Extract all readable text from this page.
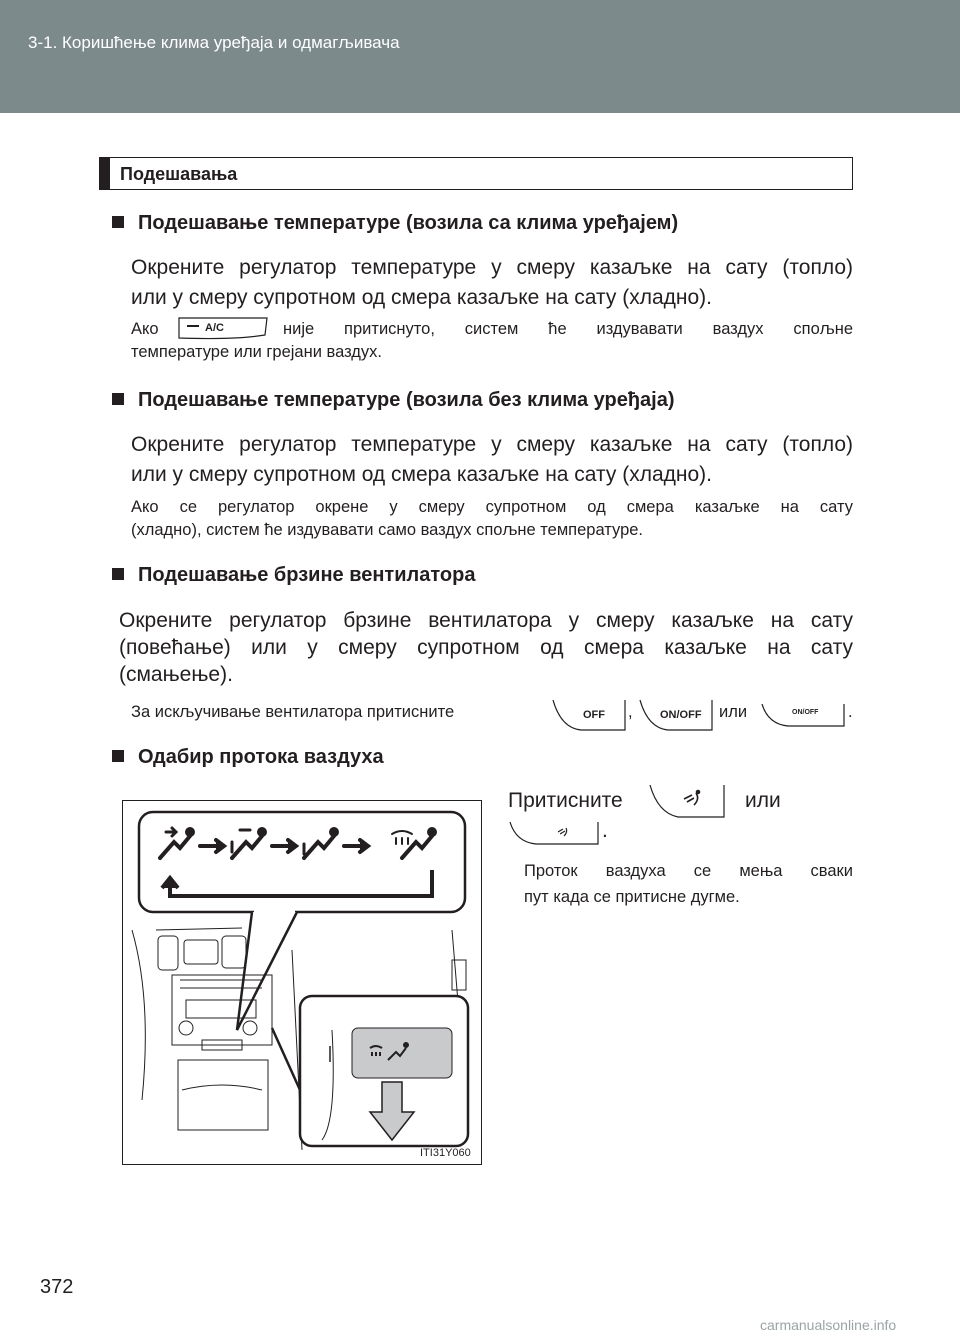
3-1. Коришћење клима уређаја и одмагљивача
Подешавања
Подешавање температуре (возила са клима уређајем)
Окрените регулатор температуре у смеру казаљке на сату (топло)
или у смеру супротном од смера казаљке на сату (хладно).
Ако	A/C	није притиснуто, систем ће издувавати ваздух спољне
температуре или грејани ваздух.
Подешавање температуре (возила без клима уређаја)
Окрените регулатор температуре у смеру казаљке на сату (топло)
или у смеру супротном од смера казаљке на сату (хладно).
Ако се регулатор окрене у смеру супротном од смера казаљке на сату
(хладно), систем ће издувавати само ваздух спољне температуре.
Подешавање брзине вентилатора
Окрените регулатор брзине вентилатора у смеру казаљке на сату
(повећање) или у смеру супротном од смера казаљке на сату
(смањење).
За искључивање вентилатора притисните	OFF , ON/OFF или	ON/OFF .
Одабир протока ваздуха
Притисните	или
.
Проток ваздуха се мења сваки
пут када се притисне дугме.
ITI31Y060
372
carmanualsonline.info
